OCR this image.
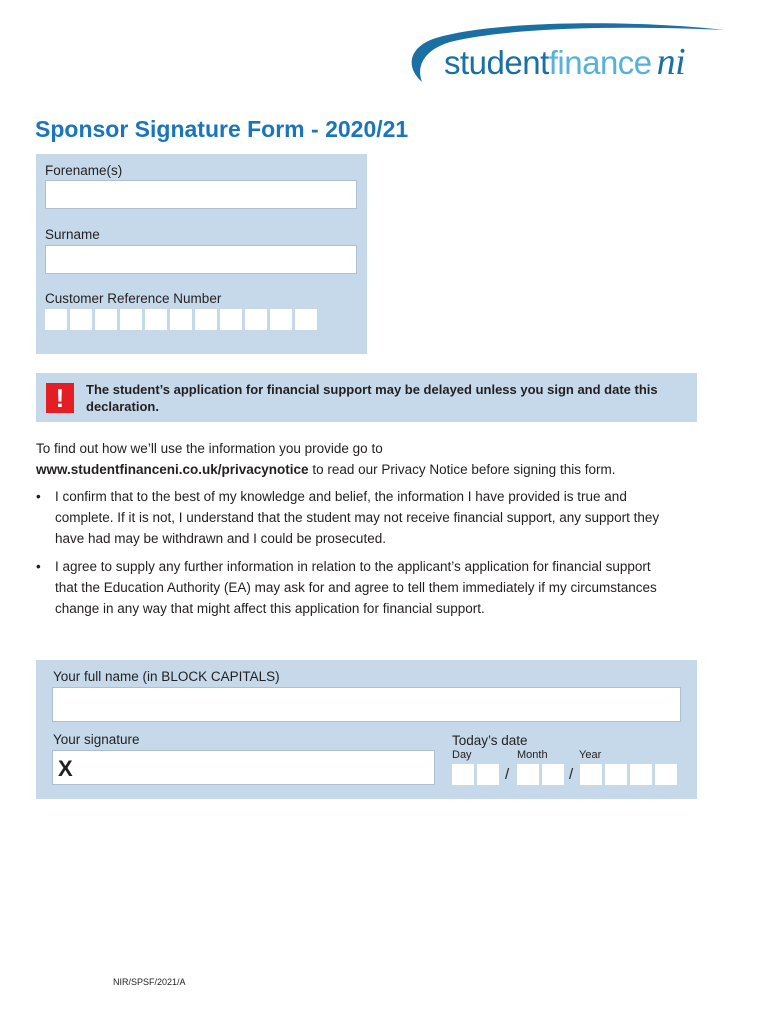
studentfinance ni
Sponsor Signature Form - 2020/21
Forename(s)
Surname
Customer Reference Number
!	The student’s application for financial support may be delayed unless you sign and date this declaration.
To find out how we’ll use the information you provide go to
www.studentfinanceni.co.uk/privacynotice to read our Privacy Notice before signing this form.
• I confirm that to the best of my knowledge and belief, the information I have provided is true and complete. If it is not, I understand that the student may not receive financial support, any support they have had may be withdrawn and I could be prosecuted.
• I agree to supply any further information in relation to the applicant’s application for financial support that the Education Authority (EA) may ask for and agree to tell them immediately if my circumstances change in any way that might affect this application for financial support.
Your full name (in BLOCK CAPITALS)
Your signature
X
Today’s date
Day	Month	Year
/	/
NIR/SPSF/2021/A
